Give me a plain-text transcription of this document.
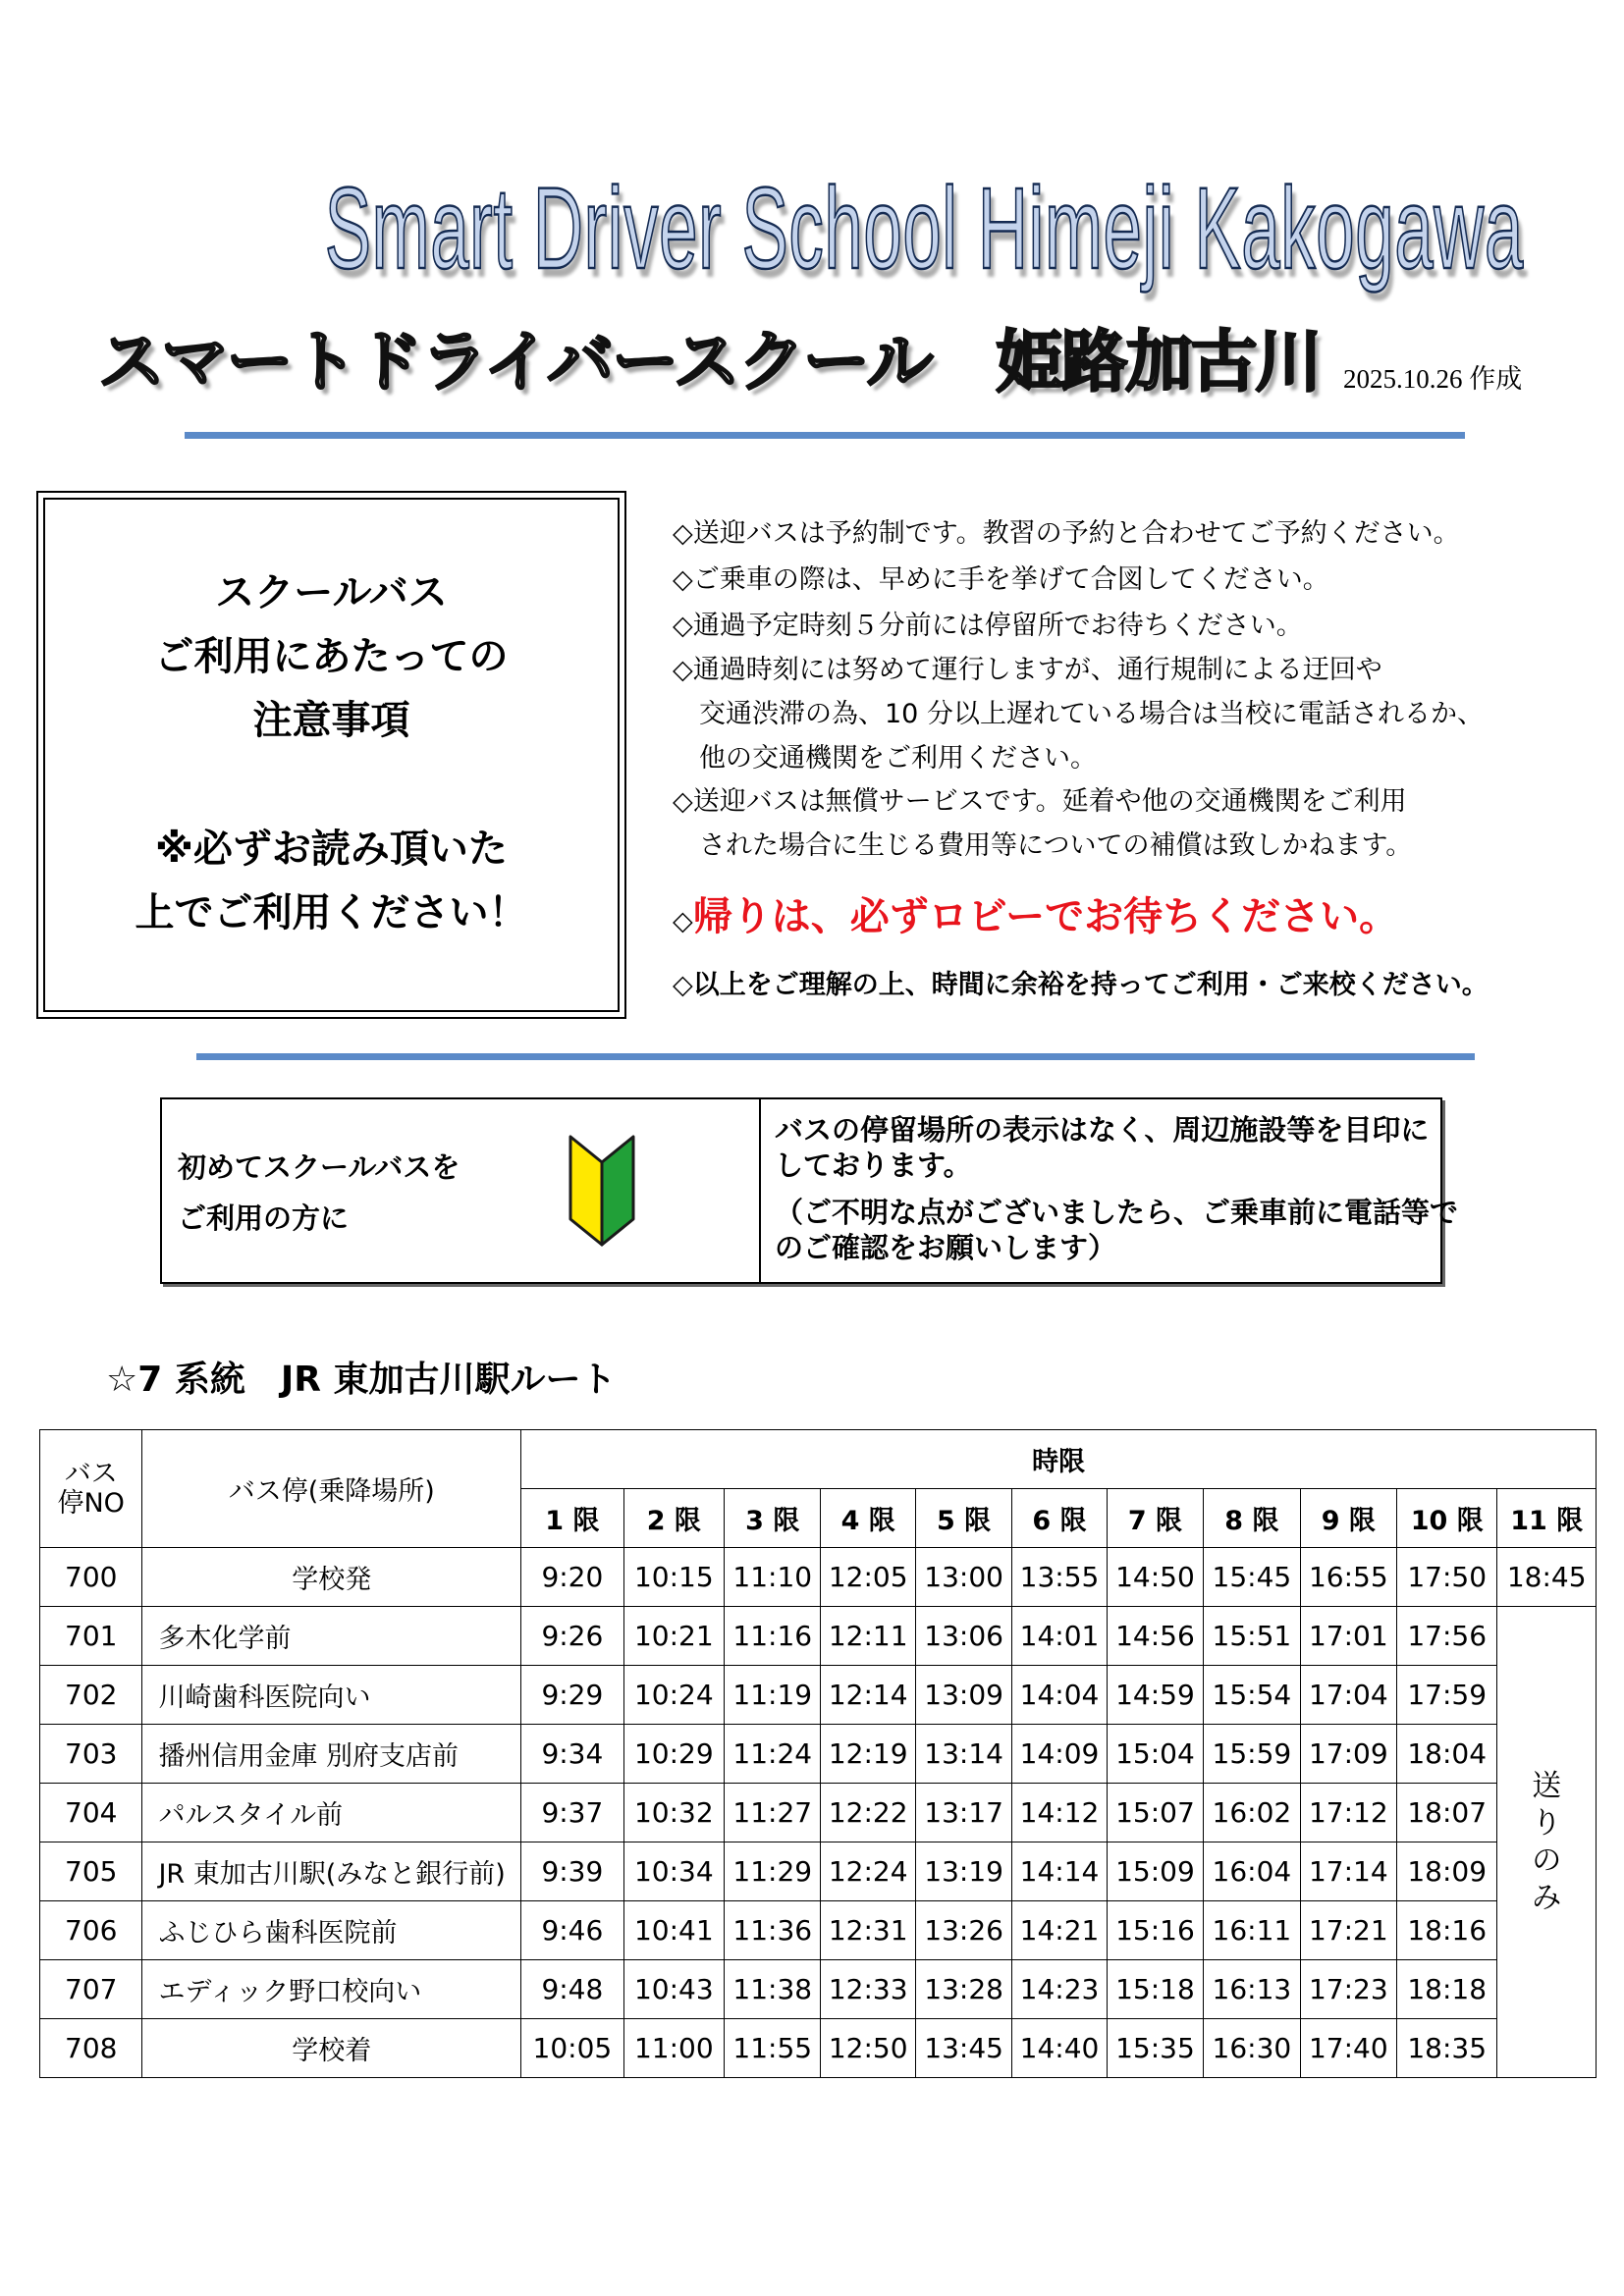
Smart Driver School Himeji Kakogawa
スマートドライバースクール　姫路加古川 2025.10.26 作成
スクールバス
ご利用にあたっての
注意事項
※必ずお読み頂いた
上でご利用ください！
◇送迎バスは予約制です。教習の予約と合わせてご予約ください。
◇ご乗車の際は、早めに手を挙げて合図してください。
◇通過予定時刻５分前には停留所でお待ちください。
◇通過時刻には努めて運行しますが、通行規制による迂回や
　交通渋滞の為、10 分以上遅れている場合は当校に電話されるか、
　他の交通機関をご利用ください。
◇送迎バスは無償サービスです。延着や他の交通機関をご利用
　された場合に生じる費用等についての補償は致しかねます。
◇帰りは、必ずロビーでお待ちください。
◇以上をご理解の上、時間に余裕を持ってご利用・ご来校ください。
初めてスクールバスを
ご利用の方に
バスの停留場所の表示はなく、周辺施設等を目印に
しております。
（ご不明な点がございましたら、ご乗車前に電話等で
のご確認をお願いします）
☆7 系統　JR 東加古川駅ルート
バス停NO	バス停(乗降場所)	時限										
		1 限	2 限	3 限	4 限	5 限	6 限	7 限	8 限	9 限	10 限	11 限
700	学校発	9:20	10:15	11:10	12:05	13:00	13:55	14:50	15:45	16:55	17:50	18:45
701	多木化学前	9:26	10:21	11:16	12:11	13:06	14:01	14:56	15:51	17:01	17:56	送りのみ
702	川崎歯科医院向い	9:29	10:24	11:19	12:14	13:09	14:04	14:59	15:54	17:04	17:59	
703	播州信用金庫 別府支店前	9:34	10:29	11:24	12:19	13:14	14:09	15:04	15:59	17:09	18:04	
704	パルスタイル前	9:37	10:32	11:27	12:22	13:17	14:12	15:07	16:02	17:12	18:07	
705	JR 東加古川駅(みなと銀行前)	9:39	10:34	11:29	12:24	13:19	14:14	15:09	16:04	17:14	18:09	
706	ふじひら歯科医院前	9:46	10:41	11:36	12:31	13:26	14:21	15:16	16:11	17:21	18:16	
707	エディック野口校向い	9:48	10:43	11:38	12:33	13:28	14:23	15:18	16:13	17:23	18:18	
708	学校着	10:05	11:00	11:55	12:50	13:45	14:40	15:35	16:30	17:40	18:35	
